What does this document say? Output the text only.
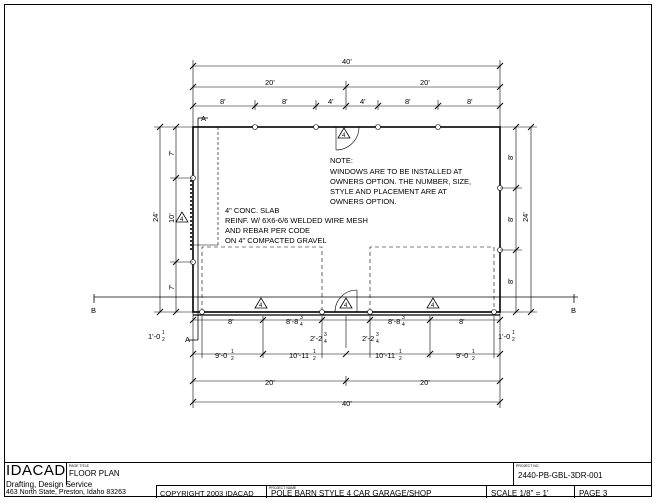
40'
20'	20'
8'	8'	4'	4'	8'	8'
24'
7'
10'
7'
24'
8'
8'
8'
8'	8'-8 3
4	8'-8 3
4	8'
2'-2 3
4	2'-2 3
4
1'-0 1
2	1'-0 1
2
9'-0 1
2	10'-11 1
2	10'-11 1
2	9'-0 1
2
20'	20'
40'
A
A
B	B
4
4
4	4	4
NOTE:
WINDOWS ARE TO BE INSTALLED AT
OWNERS OPTION. THE NUMBER, SIZE,
STYLE AND PLACEMENT ARE AT
OWNERS OPTION.
4" CONC. SLAB
REINF. W/ 6X6-6/6 WELDED WIRE MESH
AND REBAR PER CODE
ON 4" COMPACTED GRAVEL
IDACAD
Drafting, Design Service
463 North State, Preston, Idaho 83263
PAGE TITLE
FLOOR PLAN
COPYRIGHT 2003 IDACAD
PROJECT NAME
POLE BARN STYLE 4 CAR GARAGE/SHOP
PROJECT NO.
2440-PB-GBL-3DR-001
SCALE 1/8" = 1'	PAGE 3
